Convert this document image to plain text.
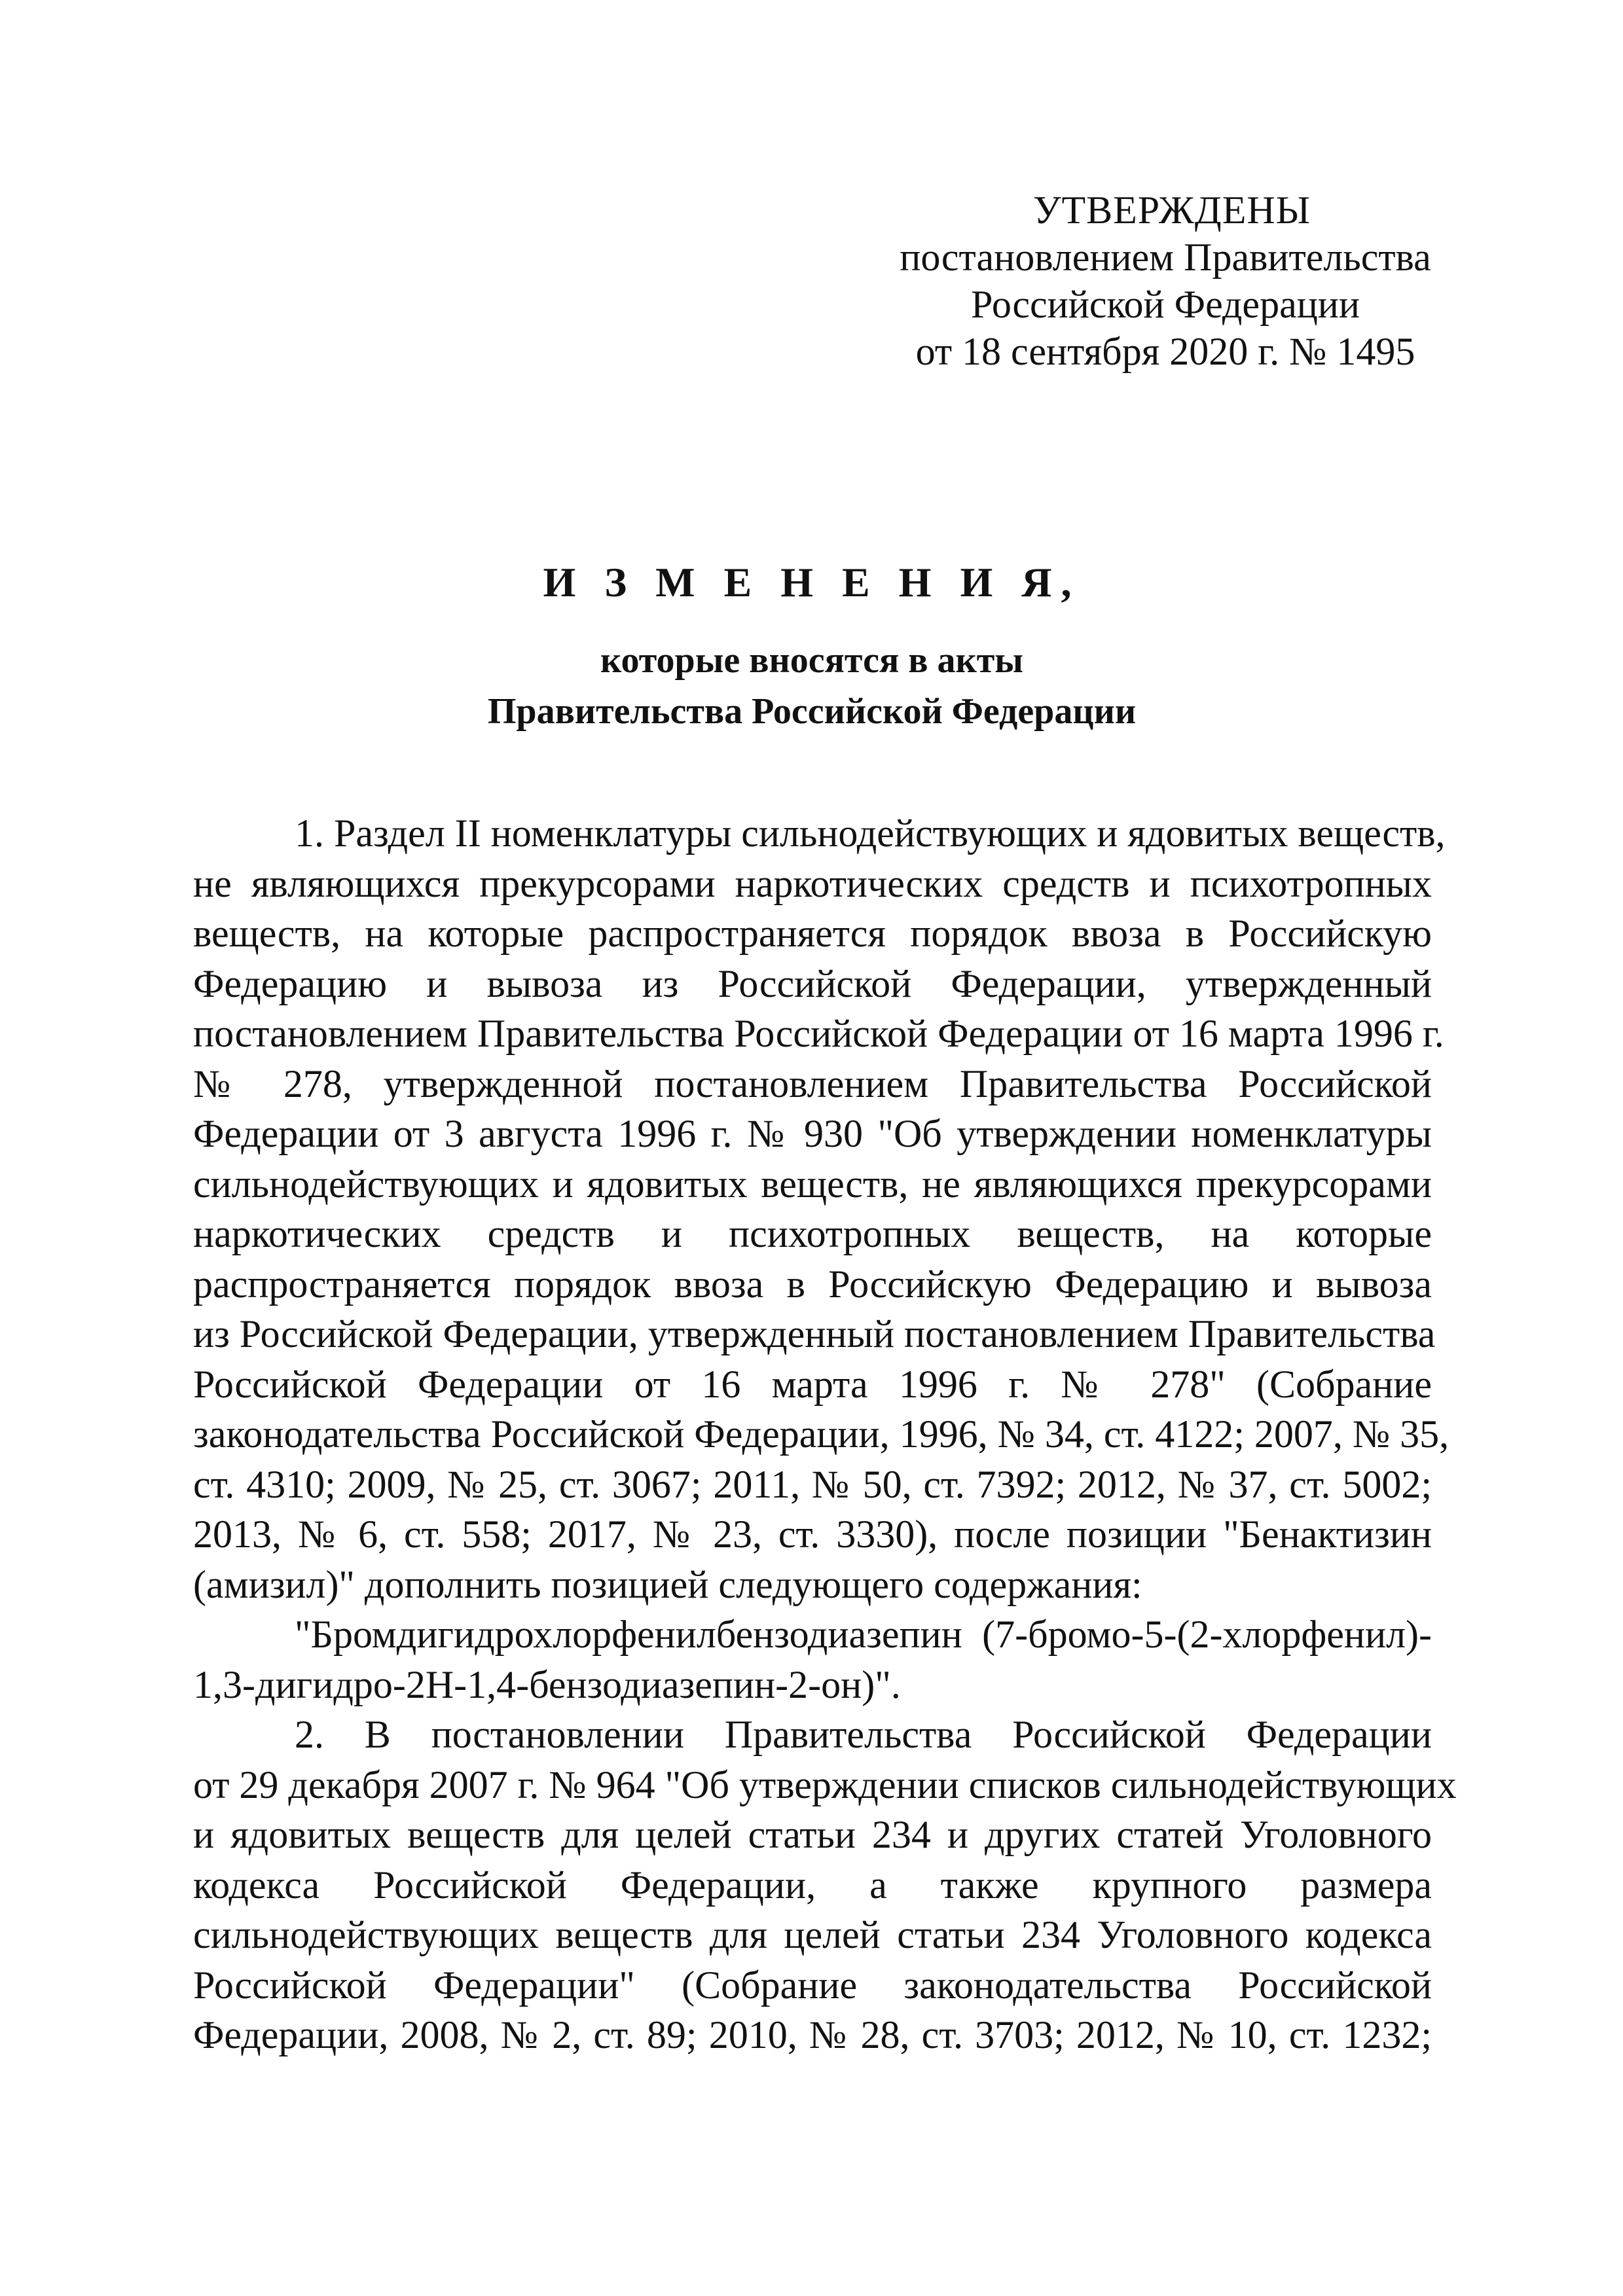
УТВЕРЖДЕНЫ
постановлением Правительства
Российской Федерации
от 18 сентября 2020 г. № 1495
И З М Е Н Е Н И Я,
которые вносятся в акты
Правительства Российской Федерации
1. Раздел II номенклатуры сильнодействующих и ядовитых веществ,
не являющихся прекурсорами наркотических средств и психотропных
веществ, на которые распространяется порядок ввоза в Российскую
Федерацию и вывоза из Российской Федерации, утвержденный
постановлением Правительства Российской Федерации от 16 марта 1996 г.
№ 278, утвержденной постановлением Правительства Российской
Федерации от 3 августа 1996 г. № 930 "Об утверждении номенклатуры
сильнодействующих и ядовитых веществ, не являющихся прекурсорами
наркотических средств и психотропных веществ, на которые
распространяется порядок ввоза в Российскую Федерацию и вывоза
из Российской Федерации, утвержденный постановлением Правительства
Российской Федерации от 16 марта 1996 г. № 278" (Собрание
законодательства Российской Федерации, 1996, № 34, ст. 4122; 2007, № 35,
ст. 4310; 2009, № 25, ст. 3067; 2011, № 50, ст. 7392; 2012, № 37, ст. 5002;
2013, № 6, ст. 558; 2017, № 23, ст. 3330), после позиции "Бенактизин
(амизил)" дополнить позицией следующего содержания:
"Бромдигидрохлорфенилбензодиазепин (7-бромо-5-(2-хлорфенил)-
1,3-дигидро-2Н-1,4-бензодиазепин-2-он)".
2. В постановлении Правительства Российской Федерации
от 29 декабря 2007 г. № 964 "Об утверждении списков сильнодействующих
и ядовитых веществ для целей статьи 234 и других статей Уголовного
кодекса Российской Федерации, а также крупного размера
сильнодействующих веществ для целей статьи 234 Уголовного кодекса
Российской Федерации" (Собрание законодательства Российской
Федерации, 2008, № 2, ст. 89; 2010, № 28, ст. 3703; 2012, № 10, ст. 1232;
